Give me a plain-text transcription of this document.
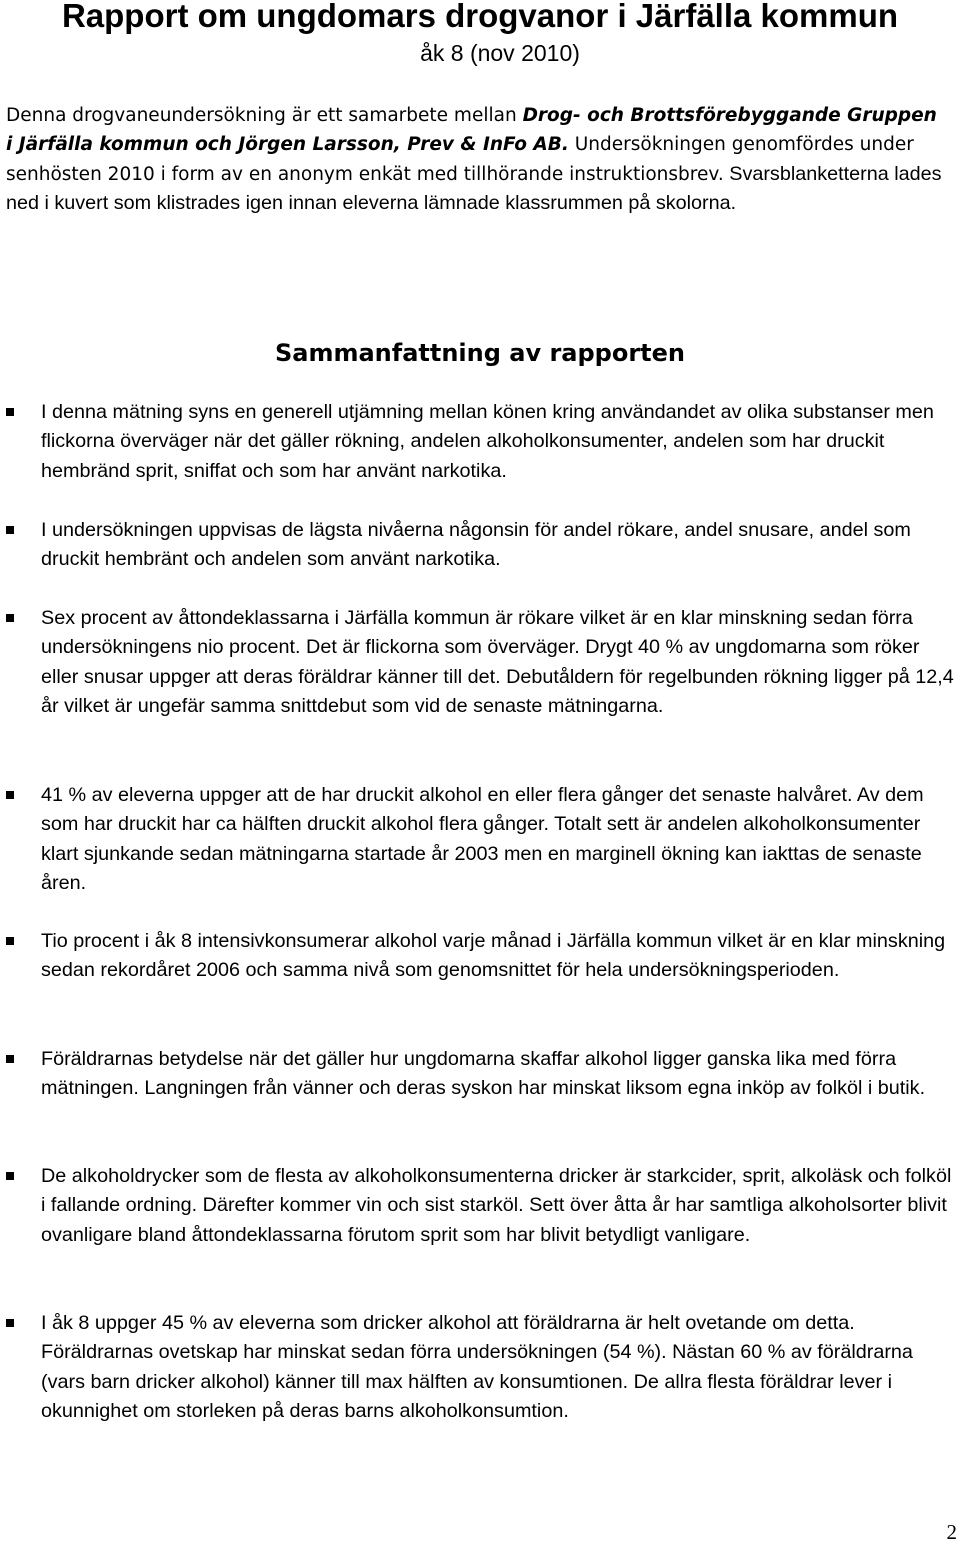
Rapport om ungdomars drogvanor i Järfälla kommun
åk 8 (nov 2010)

Denna drogvaneundersökning är ett samarbete mellan Drog- och Brottsförebyggande Gruppen i Järfälla kommun och Jörgen Larsson, Prev & InFo AB. Undersökningen genomfördes under senhösten 2010 i form av en anonym enkät med tillhörande instruktionsbrev. Svarsblanketterna lades ned i kuvert som klistrades igen innan eleverna lämnade klassrummen på skolorna.

Sammanfattning av rapporten

I denna mätning syns en generell utjämning mellan könen kring användandet av olika substanser men flickorna överväger när det gäller rökning, andelen alkoholkonsumenter, andelen som har druckit hembränd sprit, sniffat och som har använt narkotika.

I undersökningen uppvisas de lägsta nivåerna någonsin för andel rökare, andel snusare, andel som druckit hembränt och andelen som använt narkotika.

Sex procent av åttondeklassarna i Järfälla kommun är rökare vilket är en klar minskning sedan förra undersökningens nio procent. Det är flickorna som överväger. Drygt 40 % av ungdomarna som röker eller snusar uppger att deras föräldrar känner till det. Debutåldern för regelbunden rökning ligger på 12,4 år vilket är ungefär samma snittdebut som vid de senaste mätningarna.

41 % av eleverna uppger att de har druckit alkohol en eller flera gånger det senaste halvåret. Av dem som har druckit har ca hälften druckit alkohol flera gånger. Totalt sett är andelen alkoholkonsumenter klart sjunkande sedan mätningarna startade år 2003 men en marginell ökning kan iakttas de senaste åren.

Tio procent i åk 8 intensivkonsumerar alkohol varje månad i Järfälla kommun vilket är en klar minskning sedan rekordåret 2006 och samma nivå som genomsnittet för hela undersökningsperioden.

Föräldrarnas betydelse när det gäller hur ungdomarna skaffar alkohol ligger ganska lika med förra mätningen. Langningen från vänner och deras syskon har minskat liksom egna inköp av folköl i butik.

De alkoholdrycker som de flesta av alkoholkonsumenterna dricker är starkcider, sprit, alkoläsk och folköl i fallande ordning. Därefter kommer vin och sist starköl. Sett över åtta år har samtliga alkoholsorter blivit ovanligare bland åttondeklassarna förutom sprit som har blivit betydligt vanligare.

I åk 8 uppger 45 % av eleverna som dricker alkohol att föräldrarna är helt ovetande om detta. Föräldrarnas ovetskap har minskat sedan förra undersökningen (54 %). Nästan 60 % av föräldrarna (vars barn dricker alkohol) känner till max hälften av konsumtionen. De allra flesta föräldrar lever i okunnighet om storleken på deras barns alkoholkonsumtion.

2
